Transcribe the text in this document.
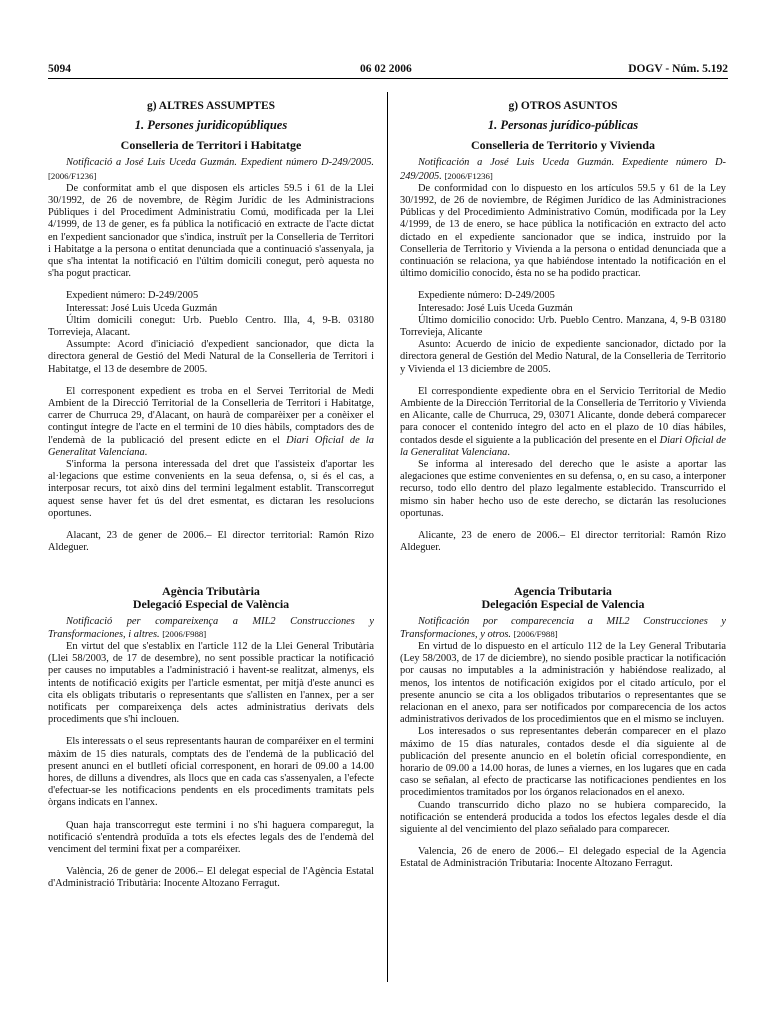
5094	06 02 2006	DOGV - Núm. 5.192
g) ALTRES ASSUMPTES
1. Persones juridicopúbliques
Conselleria de Territori i Habitatge

Notificació a José Luis Uceda Guzmán. Expedient número D-249/2005. [2006/F1236]

De conformitat amb el que disposen els articles 59.5 i 61 de la Llei 30/1992, de 26 de novembre, de Règim Jurídic de les Administracions Públiques i del Procediment Administratiu Comú, modificada per la Llei 4/1999, de 13 de gener, es fa pública la notificació en extracte de l'acte dictat en l'expedient sancionador que s'indica, instruït per la Conselleria de Territori i Habitatge a la persona o entitat denunciada que a continuació s'assenyala, ja que s'ha intentat la notificació en l'últim domicili conegut, però aquesta no s'ha pogut practicar.

Expedient número: D-249/2005

Interessat: José Luis Uceda Guzmán

Últim domicili conegut: Urb. Pueblo Centro. Illa, 4, 9-B. 03180 Torrevieja, Alacant.

Assumpte: Acord d'iniciació d'expedient sancionador, que dicta la directora general de Gestió del Medi Natural de la Conselleria de Territori i Habitatge, el 13 de desembre de 2005.

El corresponent expedient es troba en el Servei Territorial de Medi Ambient de la Direcció Territorial de la Conselleria de Territori i Habitatge, carrer de Churruca 29, d'Alacant, on haurà de comparèixer per a conèixer el contingut íntegre de l'acte en el termini de 10 dies hàbils, comptadors des de l'endemà de la publicació del present edicte en el Diari Oficial de la Generalitat Valenciana.

S'informa la persona interessada del dret que l'assisteix d'aportar les al·legacions que estime convenients en la seua defensa, o, si és el cas, a interposar recurs, tot això dins del termini legalment establit. Transcorregut aquest sense haver fet ús del dret esmentat, es dictaran les resolucions oportunes.

Alacant, 23 de gener de 2006.– El director territorial: Ramón Rizo Aldeguer.

Agència Tributària
Delegació Especial de València

Notificació per compareixença a MIL2 Construcciones y Transformaciones, i altres. [2006/F988]

En virtut del que s'establix en l'article 112 de la Llei General Tributària (Llei 58/2003, de 17 de desembre), no sent possible practicar la notificació per causes no imputables a l'administració i havent-se realitzat, almenys, els intents de notificació exigits per l'article esmentat, per mitjà d'este anunci es cita els obligats tributaris o representants que s'allisten en l'annex, per a ser notificats per compareixença dels actes administratius derivats dels procediments que s'hi inclouen.

Els interessats o el seus representants hauran de comparéixer en el termini màxim de 15 dies naturals, comptats des de l'endemà de la publicació del present anunci en el butlletí oficial corresponent, en horari de 09.00 a 14.00 hores, de dilluns a divendres, als llocs que en cada cas s'assenyalen, a l'efecte d'efectuar-se les notificacions pendents en els procediments tramitats pels òrgans indicats en l'annex.

Quan haja transcorregut este termini i no s'hi haguera comparegut, la notificació s'entendrà produïda a tots els efectes legals des de l'endemà del venciment del termini fixat per a comparéixer.

València, 26 de gener de 2006.– El delegat especial de l'Agència Estatal d'Administració Tributària: Inocente Altozano Ferragut.

g) OTROS ASUNTOS
1. Personas jurídico-públicas
Conselleria de Territorio y Vivienda

Notificación a José Luis Uceda Guzmán. Expediente número D-249/2005. [2006/F1236]

De conformidad con lo dispuesto en los artículos 59.5 y 61 de la Ley 30/1992, de 26 de noviembre, de Régimen Jurídico de las Administraciones Públicas y del Procedimiento Administrativo Común, modificada por la Ley 4/1999, de 13 de enero, se hace pública la notificación en extracto del acto dictado en el expediente sancionador que se indica, instruido por la Conselleria de Territorio y Vivienda a la persona o entidad denunciada que a continuación se relaciona, ya que habiéndose intentado la notificación en el último domicilio conocido, ésta no se ha podido practicar.

Expediente número: D-249/2005

Interesado: José Luis Uceda Guzmán

Último domicilio conocido: Urb. Pueblo Centro. Manzana, 4, 9-B 03180 Torrevieja, Alicante

Asunto: Acuerdo de inicio de expediente sancionador, dictado por la directora general de Gestión del Medio Natural, de la Conselleria de Territorio y Vivienda el 13 diciembre de 2005.

El correspondiente expediente obra en el Servicio Territorial de Medio Ambiente de la Dirección Territorial de la Conselleria de Territorio y Vivienda en Alicante, calle de Churruca, 29, 03071 Alicante, donde deberá comparecer para conocer el contenido íntegro del acto en el plazo de 10 días hábiles, contados desde el siguiente a la publicación del presente en el Diari Oficial de la Generalitat Valenciana.

Se informa al interesado del derecho que le asiste a aportar las alegaciones que estime convenientes en su defensa, o, en su caso, a interponer recurso, todo ello dentro del plazo legalmente establecido. Transcurrido el mismo sin haber hecho uso de este derecho, se dictarán las resoluciones oportunas.

Alicante, 23 de enero de 2006.– El director territorial: Ramón Rizo Aldeguer.

Agencia Tributaria
Delegación Especial de Valencia

Notificación por comparecencia a MIL2 Construcciones y Transformaciones, y otros. [2006/F988]

En virtud de lo dispuesto en el artículo 112 de la Ley General Tributaria (Ley 58/2003, de 17 de diciembre), no siendo posible practicar la notificación por causas no imputables a la administración y habiéndose realizado, al menos, los intentos de notificación exigidos por el citado artículo, por el presente anuncio se cita a los obligados tributarios o representantes que se relacionan en el anexo, para ser notificados por comparecencia de los actos administrativos derivados de los procedimientos que en el mismo se incluyen.

Los interesados o sus representantes deberán comparecer en el plazo máximo de 15 días naturales, contados desde el día siguiente al de publicación del presente anuncio en el boletín oficial correspondiente, en horario de 09.00 a 14.00 horas, de lunes a viernes, en los lugares que en cada caso se señalan, al efecto de practicarse las notificaciones pendientes en los procedimientos tramitados por los órganos relacionados en el anexo.

Cuando transcurrido dicho plazo no se hubiera comparecido, la notificación se entenderá producida a todos los efectos legales desde el día siguiente al del vencimiento del plazo señalado para comparecer.

Valencia, 26 de enero de 2006.– El delegado especial de la Agencia Estatal de Administración Tributaria: Inocente Altozano Ferragut.
